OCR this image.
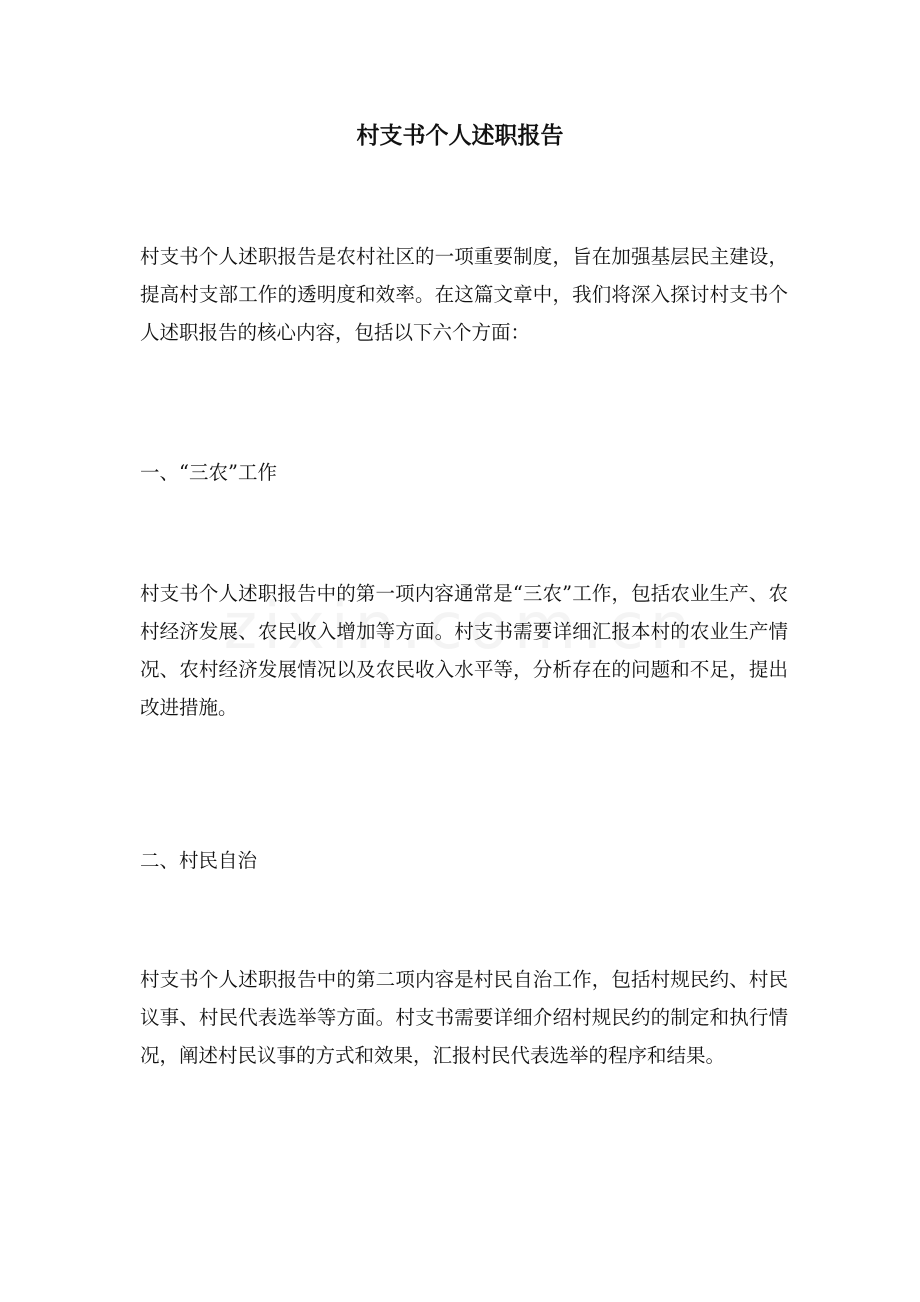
村支书个人述职报告

村支书个人述职报告是农村社区的一项重要制度，旨在加强基层民主建设，提高村支部工作的透明度和效率。在这篇文章中，我们将深入探讨村支书个人述职报告的核心内容，包括以下六个方面：

一、“三农”工作

村支书个人述职报告中的第一项内容通常是“三农”工作，包括农业生产、农村经济发展、农民收入增加等方面。村支书需要详细汇报本村的农业生产情况、农村经济发展情况以及农民收入水平等，分析存在的问题和不足，提出改进措施。

二、村民自治

村支书个人述职报告中的第二项内容是村民自治工作，包括村规民约、村民议事、村民代表选举等方面。村支书需要详细介绍村规民约的制定和执行情况，阐述村民议事的方式和效果，汇报村民代表选举的程序和结果。
